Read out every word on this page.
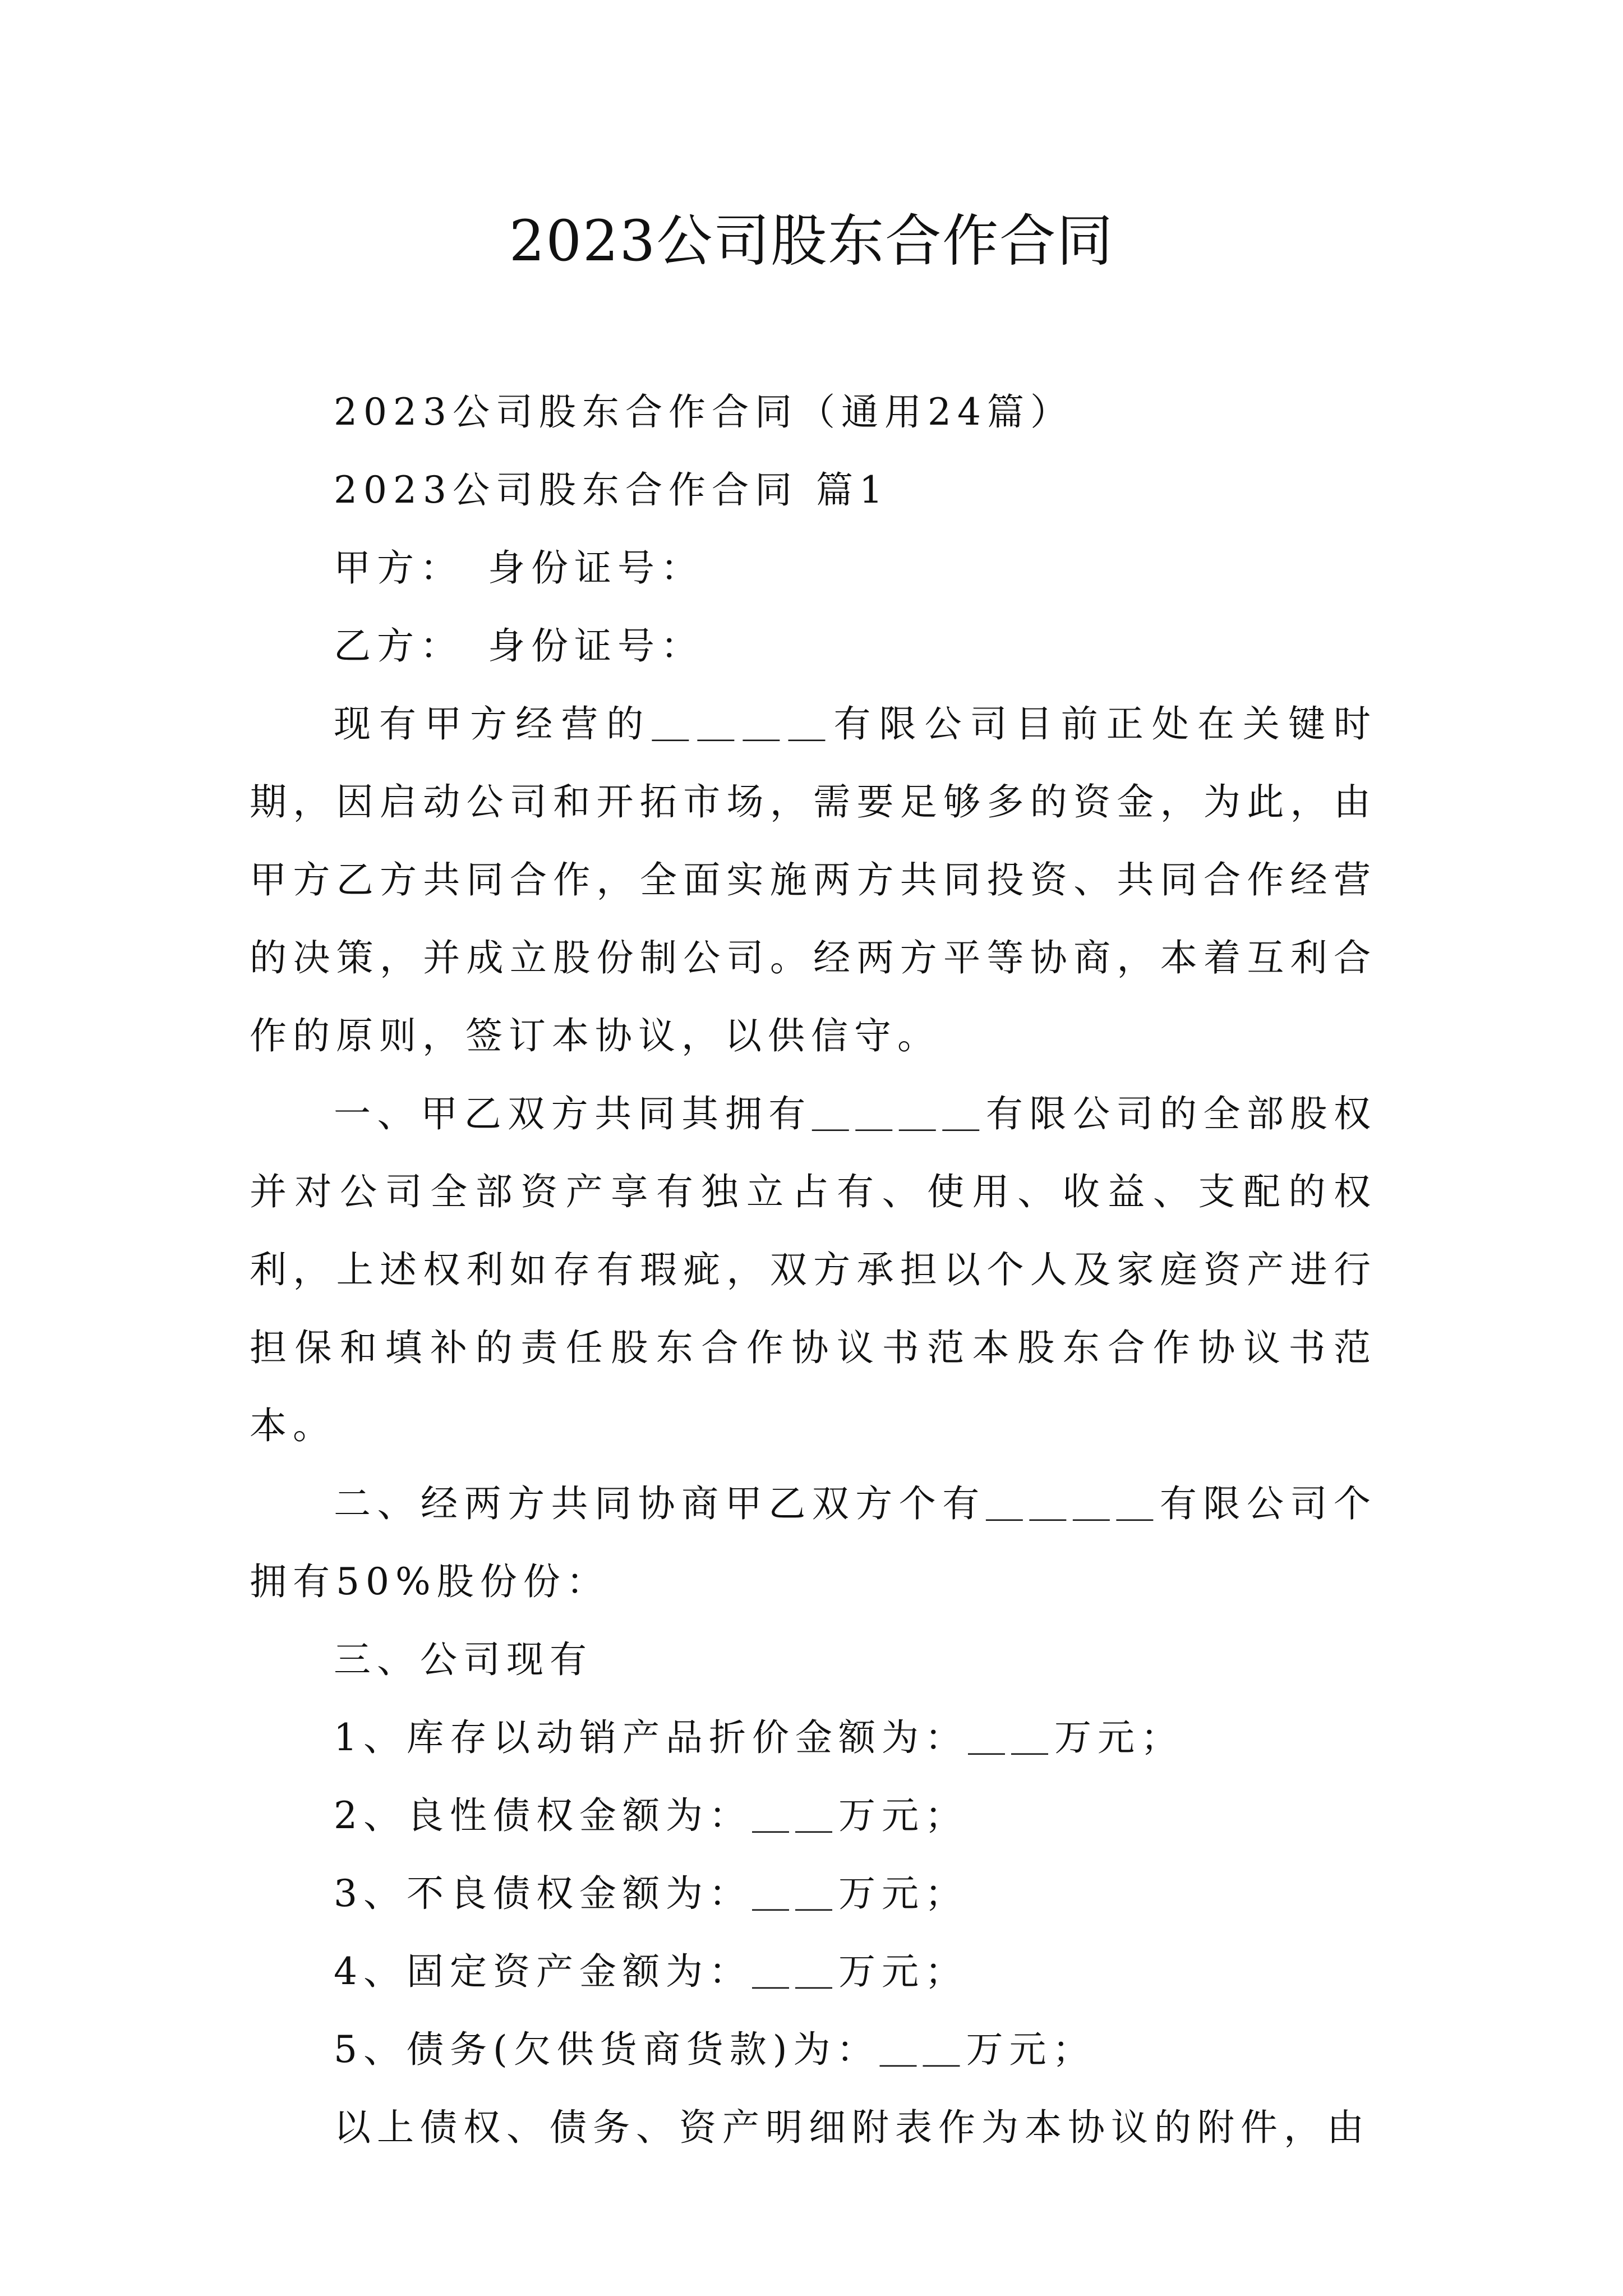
2023公司股东合作合同

2023公司股东合作合同（通用24篇）

2023公司股东合作合同 篇1

甲方：　身份证号：

乙方：　身份证号：

现有甲方经营的＿＿＿＿有限公司目前正处在关键时期，因启动公司和开拓市场，需要足够多的资金，为此，由甲方乙方共同合作，全面实施两方共同投资、共同合作经营的决策，并成立股份制公司。经两方平等协商，本着互利合作的原则，签订本协议，以供信守。

一、甲乙双方共同其拥有＿＿＿＿有限公司的全部股权并对公司全部资产享有独立占有、使用、收益、支配的权利，上述权利如存有瑕疵，双方承担以个人及家庭资产进行担保和填补的责任股东合作协议书范本股东合作协议书范本。

二、经两方共同协商甲乙双方个有＿＿＿＿有限公司个拥有50%股份份：

三、公司现有

1、库存以动销产品折价金额为：＿＿万元；

2、良性债权金额为：＿＿万元；

3、不良债权金额为：＿＿万元；

4、固定资产金额为：＿＿万元；

5、债务(欠供货商货款)为：＿＿万元；

以上债权、债务、资产明细附表作为本协议的附件，由
